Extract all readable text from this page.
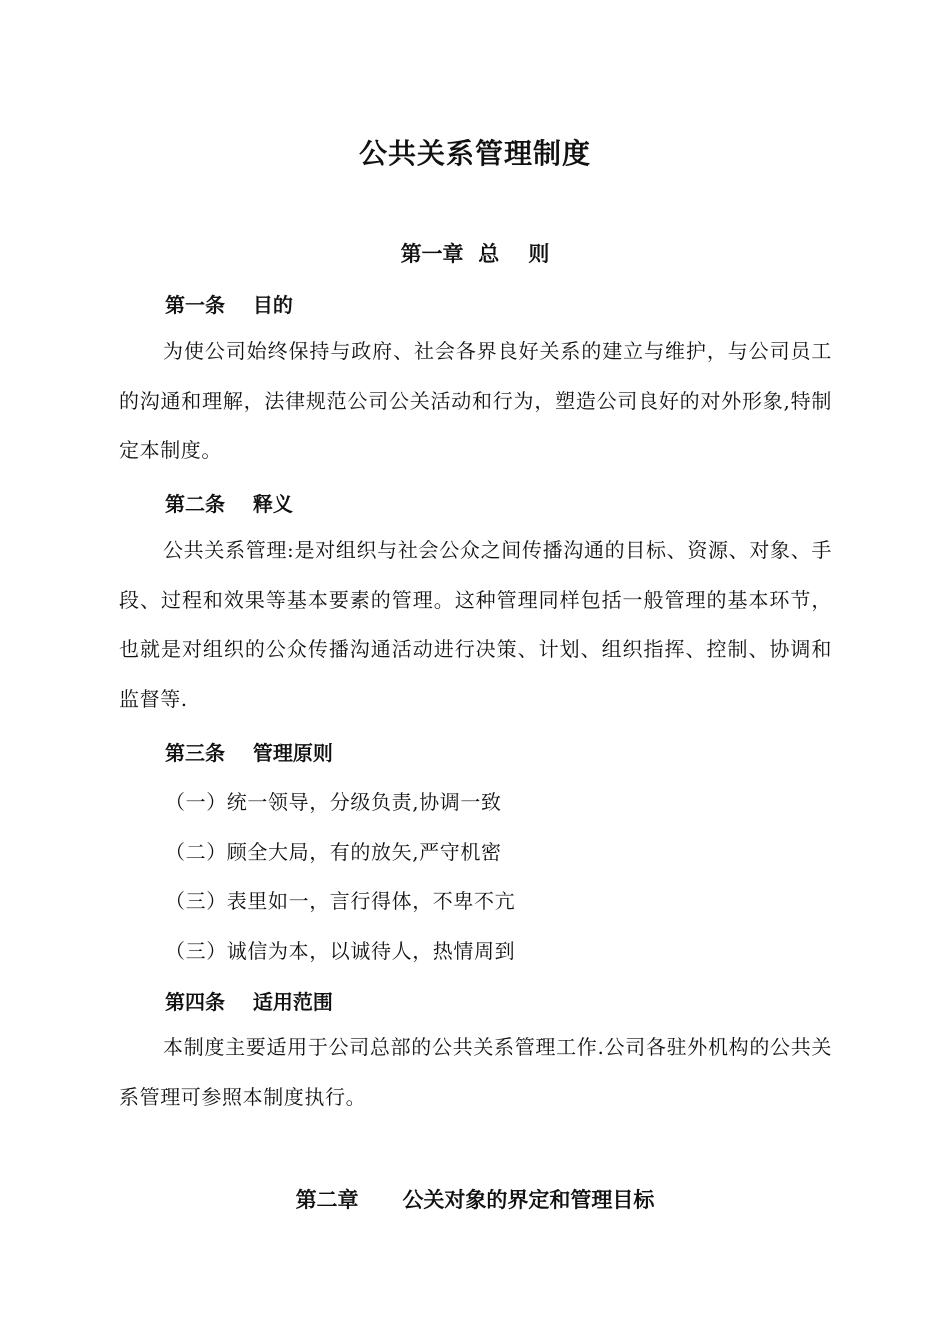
公共关系管理制度
第一章 总    则
第一条    目的
为使公司始终保持与政府、社会各界良好关系的建立与维护，与公司员工的沟通和理解，法律规范公司公关活动和行为，塑造公司良好的对外形象,特制定本制度。
第二条    释义
公共关系管理:是对组织与社会公众之间传播沟通的目标、资源、对象、手段、过程和效果等基本要素的管理。这种管理同样包括一般管理的基本环节，也就是对组织的公众传播沟通活动进行决策、计划、组织指挥、控制、协调和监督等.
第三条    管理原则
（一）统一领导，分级负责,协调一致
（二）顾全大局，有的放矢,严守机密
（三）表里如一，言行得体，不卑不亢
（三）诚信为本，以诚待人，热情周到
第四条    适用范围
本制度主要适用于公司总部的公共关系管理工作.公司各驻外机构的公共关系管理可参照本制度执行。
第二章 公关对象的界定和管理目标
